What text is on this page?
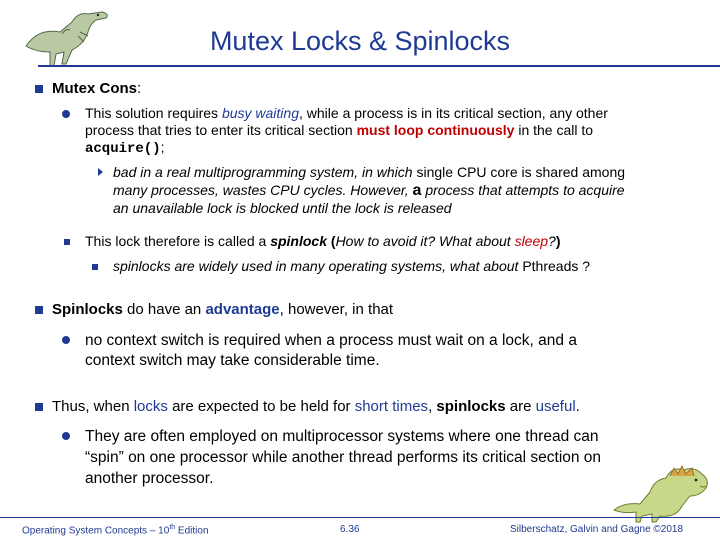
Mutex Locks & Spinlocks
Mutex Cons:
This solution requires busy waiting, while a process is in its critical section, any other
process that tries to enter its critical section must loop continuously in the call to
acquire();
bad in a real multiprogramming system, in which single CPU core is shared among
many processes, wastes CPU cycles. However, a process that attempts to acquire
an unavailable lock is blocked until the lock is released
This lock therefore is called a spinlock (How to avoid it? What about sleep?)
spinlocks are widely used in many operating systems, what about Pthreads ?
Spinlocks do have an advantage, however, in that
no context switch is required when a process must wait on a lock, and a
context switch may take considerable time.
Thus, when locks are expected to be held for short times, spinlocks are useful.
They are often employed on multiprocessor systems where one thread can
“spin” on one processor while another thread performs its critical section on
another processor.
Operating System Concepts – 10th Edition	6.36	Silberschatz, Galvin and Gagne ©2018
